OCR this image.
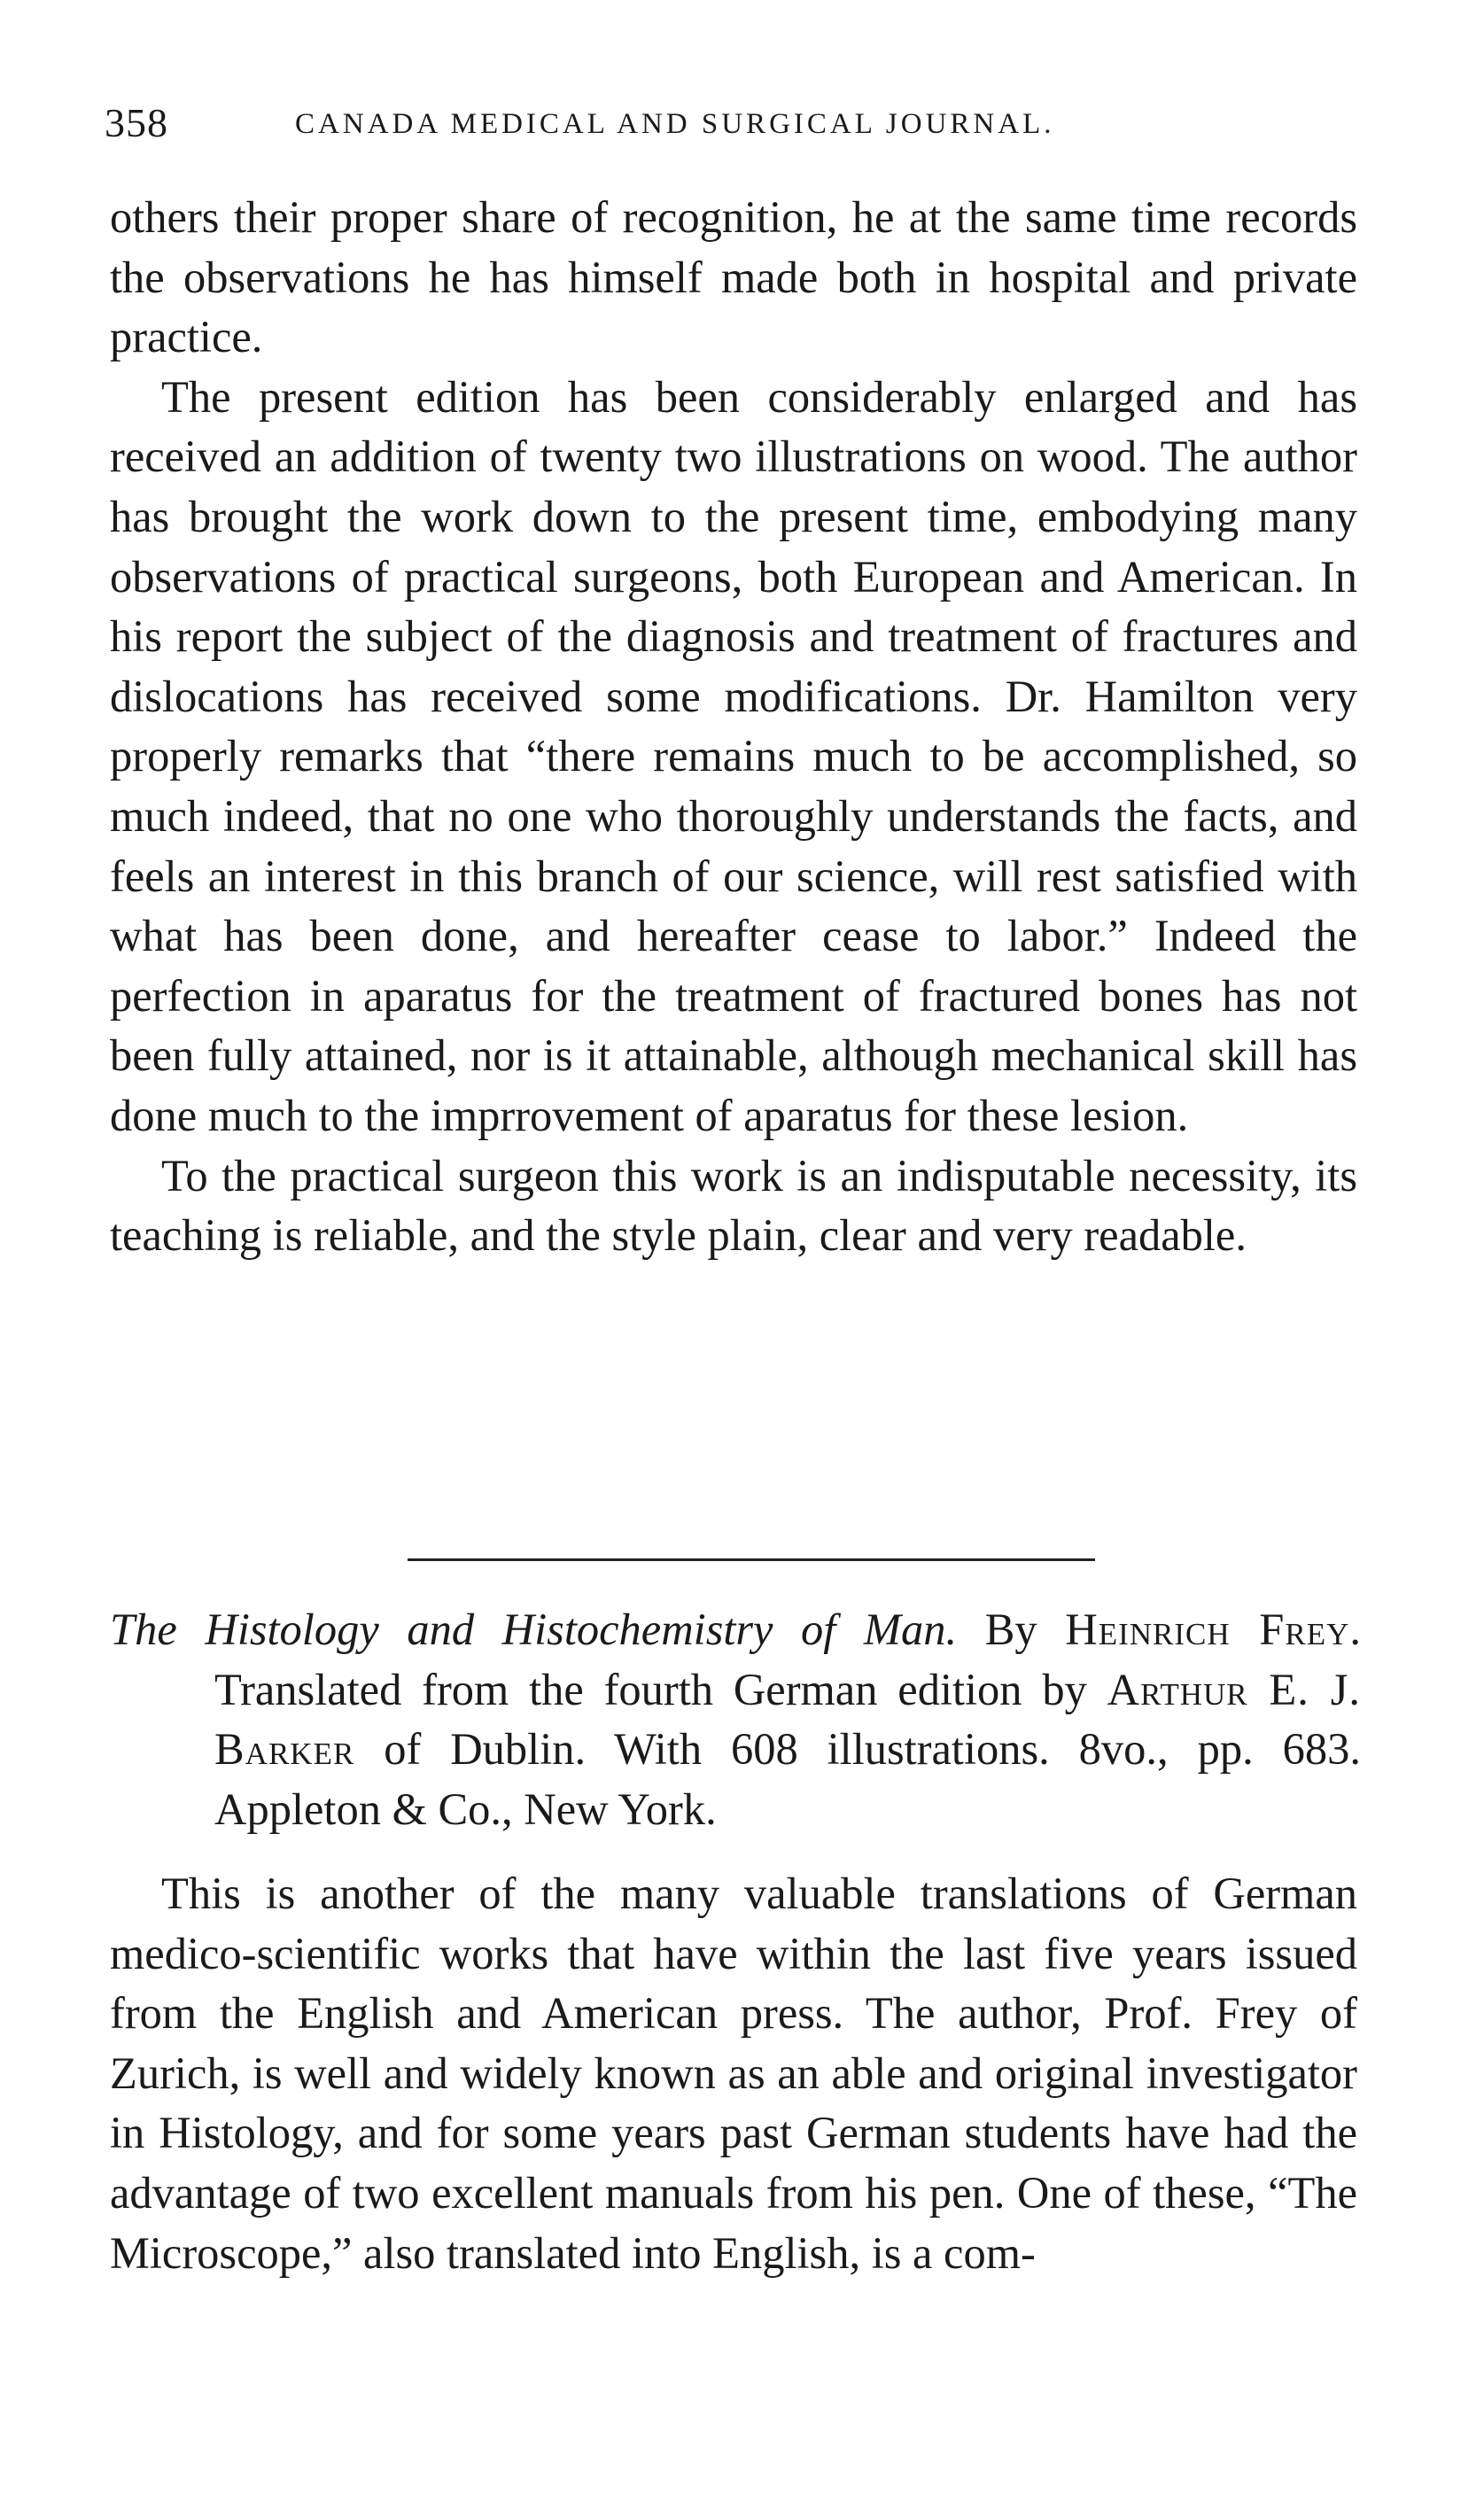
358	CANADA MEDICAL AND SURGICAL JOURNAL.

others their proper share of recognition, he at the same time records the observations he has himself made both in hospital and private practice.

The present edition has been considerably enlarged and has received an addition of twenty two illustrations on wood. The author has brought the work down to the present time, embodying many observations of practical surgeons, both European and American. In his report the subject of the diagnosis and treatment of fractures and dislocations has received some modifications. Dr. Hamilton very properly remarks that “there remains much to be accomplished, so much indeed, that no one who thoroughly understands the facts, and feels an interest in this branch of our science, will rest satisfied with what has been done, and hereafter cease to labor.” Indeed the perfection in aparatus for the treatment of fractured bones has not been fully attained, nor is it attainable, although mechanical skill has done much to the imprrovement of aparatus for these lesion.

To the practical surgeon this work is an indisputable necessity, its teaching is reliable, and the style plain, clear and very readable.

The Histology and Histochemistry of Man. By Heinrich Frey. Translated from the fourth German edition by Arthur E. J. Barker of Dublin. With 608 illustrations. 8vo., pp. 683. Appleton & Co., New York.

This is another of the many valuable translations of German medico-scientific works that have within the last five years issued from the English and American press. The author, Prof. Frey of Zurich, is well and widely known as an able and original investigator in Histology, and for some years past German students have had the advantage of two excellent manuals from his pen. One of these, “The Microscope,” also translated into English, is a com-
